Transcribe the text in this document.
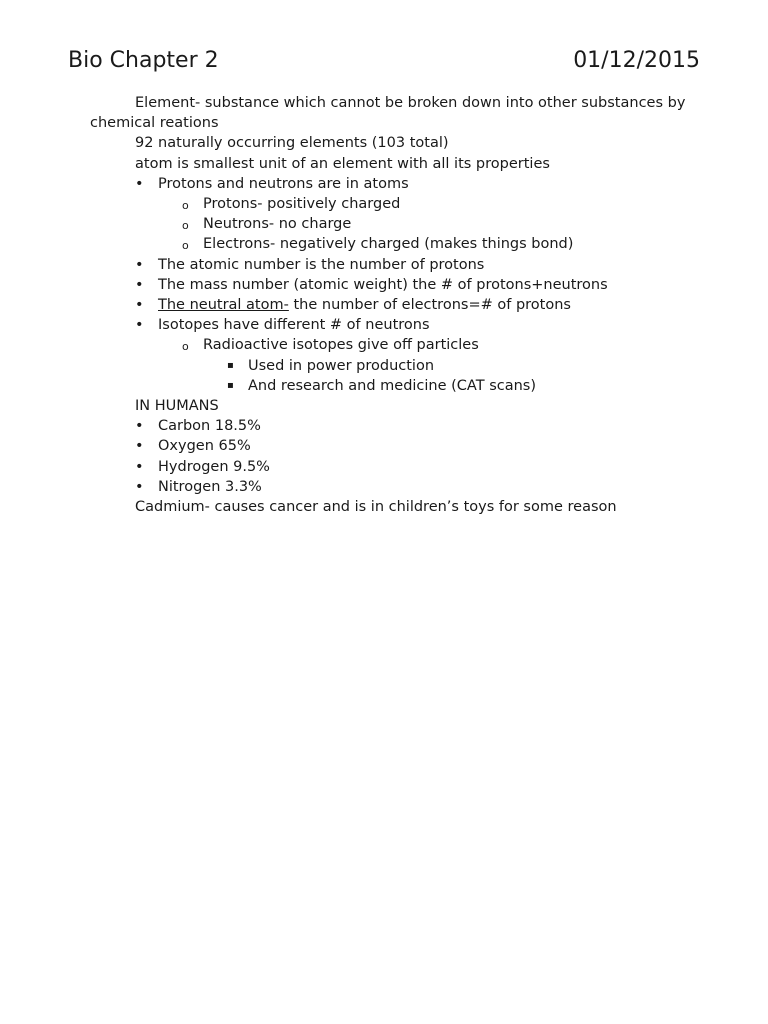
Bio Chapter 2	01/12/2015

Element- substance which cannot be broken down into other substances by chemical reations

92 naturally occurring elements (103 total)

atom is smallest unit of an element with all its properties

• Protons and neutrons are in atoms
o Protons- positively charged
o Neutrons- no charge
o Electrons- negatively charged (makes things bond)
• The atomic number is the number of protons
• The mass number (atomic weight) the # of protons+neutrons
• The neutral atom- the number of electrons=# of protons
• Isotopes have different # of neutrons
o Radioactive isotopes give off particles
▪ Used in power production
▪ And research and medicine (CAT scans)

IN HUMANS

• Carbon 18.5%
• Oxygen 65%
• Hydrogen 9.5%
• Nitrogen 3.3%

Cadmium- causes cancer and is in children’s toys for some reason
